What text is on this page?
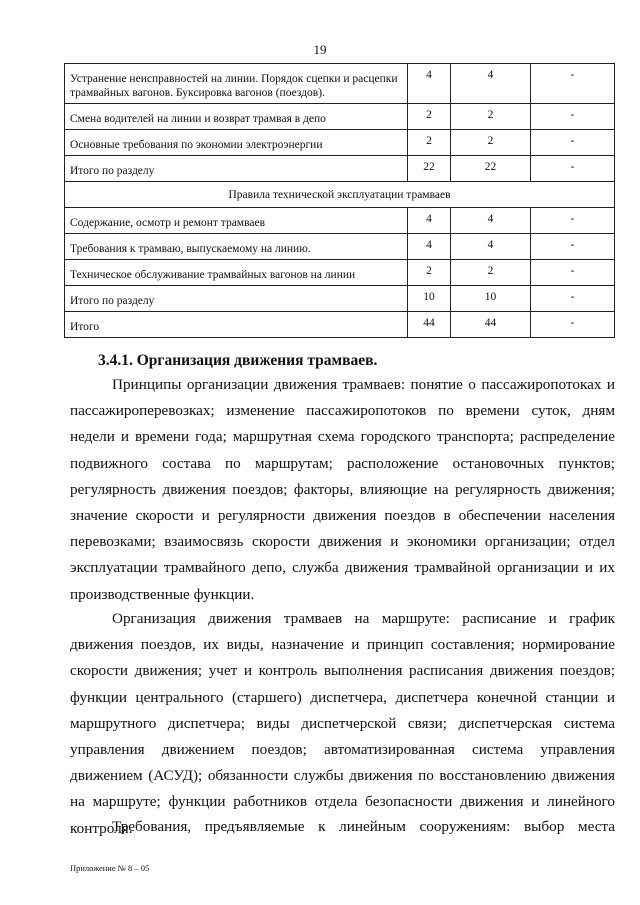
19
Устранение неисправностей на линии. Порядок сцепки и расцепки трамвайных вагонов. Буксировка вагонов (поездов).	4	4	-
Смена водителей на линии и возврат трамвая в депо	2	2	-
Основные требования по экономии электроэнергии	2	2	-
Итого по разделу	22	22	-
Правила технической эксплуатации трамваев			
Содержание, осмотр и ремонт трамваев	4	4	-
Требования к трамваю, выпускаемому на линию.	4	4	-
Техническое обслуживание трамвайных вагонов на линии	2	2	-
Итого по разделу	10	10	-
Итого	44	44	-
3.4.1. Организация движения трамваев.

Принципы организации движения трамваев: понятие о пассажиропотоках и пассажироперевозках; изменение пассажиропотоков по времени суток, дням недели и времени года; маршрутная схема городского транспорта; распределение подвижного состава по маршрутам; расположение остановочных пунктов; регулярность движения поездов; факторы, влияющие на регулярность движения; значение скорости и регулярности движения поездов в обеспечении населения перевозками; взаимосвязь скорости движения и экономики организации; отдел эксплуатации трамвайного депо, служба движения трамвайной организации и их производственные функции.

Организация движения трамваев на маршруте: расписание и график движения поездов, их виды, назначение и принцип составления; нормирование скорости движения; учет и контроль выполнения расписания движения поездов; функции центрального (старшего) диспетчера, диспетчера конечной станции и маршрутного диспетчера; виды диспетчерской связи; диспетчерская система управления движением поездов; автоматизированная система управления движением (АСУД); обязанности службы движения по восстановлению движения на маршруте; функции работников отдела безопасности движения и линейного контроля.

Требования, предъявляемые к линейным сооружениям: выбор места

Приложение № 8 – 05
